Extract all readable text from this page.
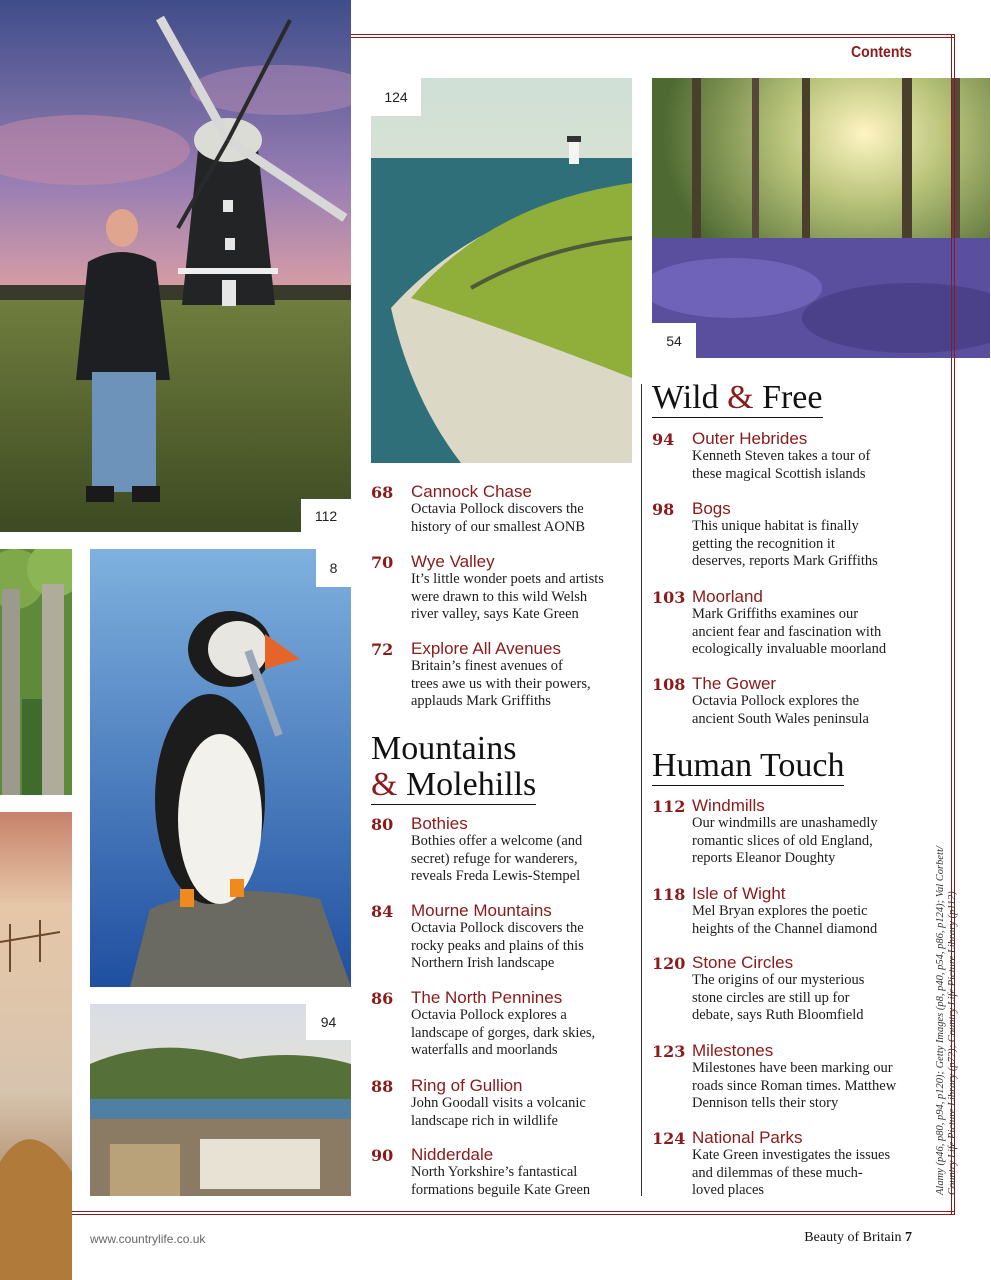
112
124
54
8
94
Contents
68 Cannock Chase
Octavia Pollock discovers the
history of our smallest AONB
70 Wye Valley
It’s little wonder poets and artists
were drawn to this wild Welsh
river valley, says Kate Green
72 Explore All Avenues
Britain’s finest avenues of
trees awe us with their powers,
applauds Mark Griffiths
Mountains
& Molehills
80 Bothies
Bothies offer a welcome (and
secret) refuge for wanderers,
reveals Freda Lewis-Stempel
84 Mourne Mountains
Octavia Pollock discovers the
rocky peaks and plains of this
Northern Irish landscape
86 The North Pennines
Octavia Pollock explores a
landscape of gorges, dark skies,
waterfalls and moorlands
88 Ring of Gullion
John Goodall visits a volcanic
landscape rich in wildlife
90 Nidderdale
North Yorkshire’s fantastical
formations beguile Kate Green
Wild & Free
94 Outer Hebrides
Kenneth Steven takes a tour of
these magical Scottish islands
98 Bogs
This unique habitat is finally
getting the recognition it
deserves, reports Mark Griffiths
103 Moorland
Mark Griffiths examines our
ancient fear and fascination with
ecologically invaluable moorland
108 The Gower
Octavia Pollock explores the
ancient South Wales peninsula
Human Touch
112 Windmills
Our windmills are unashamedly
romantic slices of old England,
reports Eleanor Doughty
118 Isle of Wight
Mel Bryan explores the poetic
heights of the Channel diamond
120 Stone Circles
The origins of our mysterious
stone circles are still up for
debate, says Ruth Bloomfield
123 Milestones
Milestones have been marking our
roads since Roman times. Matthew
Dennison tells their story
124 National Parks
Kate Green investigates the issues
and dilemmas of these much-
loved places	Alamy (p46, p80, p94, p120); Getty Images (p8, p40, p54, p86, p124); Val Corbett/ Country Life Picture Library (p72); Country Life Picture Library (p112).
www.countrylife.co.uk	Beauty of Britain 7
